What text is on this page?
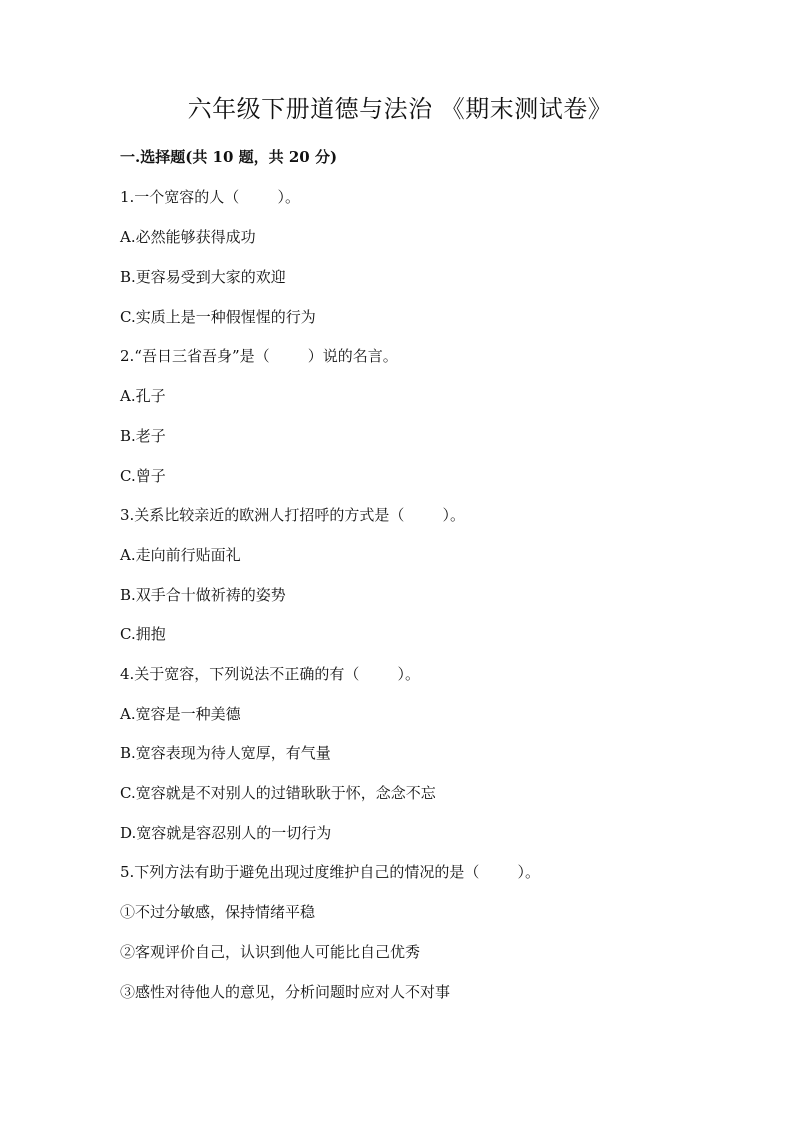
六年级下册道德与法治 《期末测试卷》
一.选择题(共 10 题，共 20 分)
1.一个宽容的人（        ）。
A.必然能够获得成功
B.更容易受到大家的欢迎
C.实质上是一种假惺惺的行为
2.“吾日三省吾身”是（        ）说的名言。
A.孔子
B.老子
C.曾子
3.关系比较亲近的欧洲人打招呼的方式是（        ）。
A.走向前行贴面礼
B.双手合十做祈祷的姿势
C.拥抱
4.关于宽容，下列说法不正确的有（        ）。
A.宽容是一种美德
B.宽容表现为待人宽厚，有气量
C.宽容就是不对别人的过错耿耿于怀，念念不忘
D.宽容就是容忍别人的一切行为
5.下列方法有助于避免出现过度维护自己的情况的是（        ）。
①不过分敏感，保持情绪平稳
②客观评价自己，认识到他人可能比自己优秀
③感性对待他人的意见，分析问题时应对人不对事
